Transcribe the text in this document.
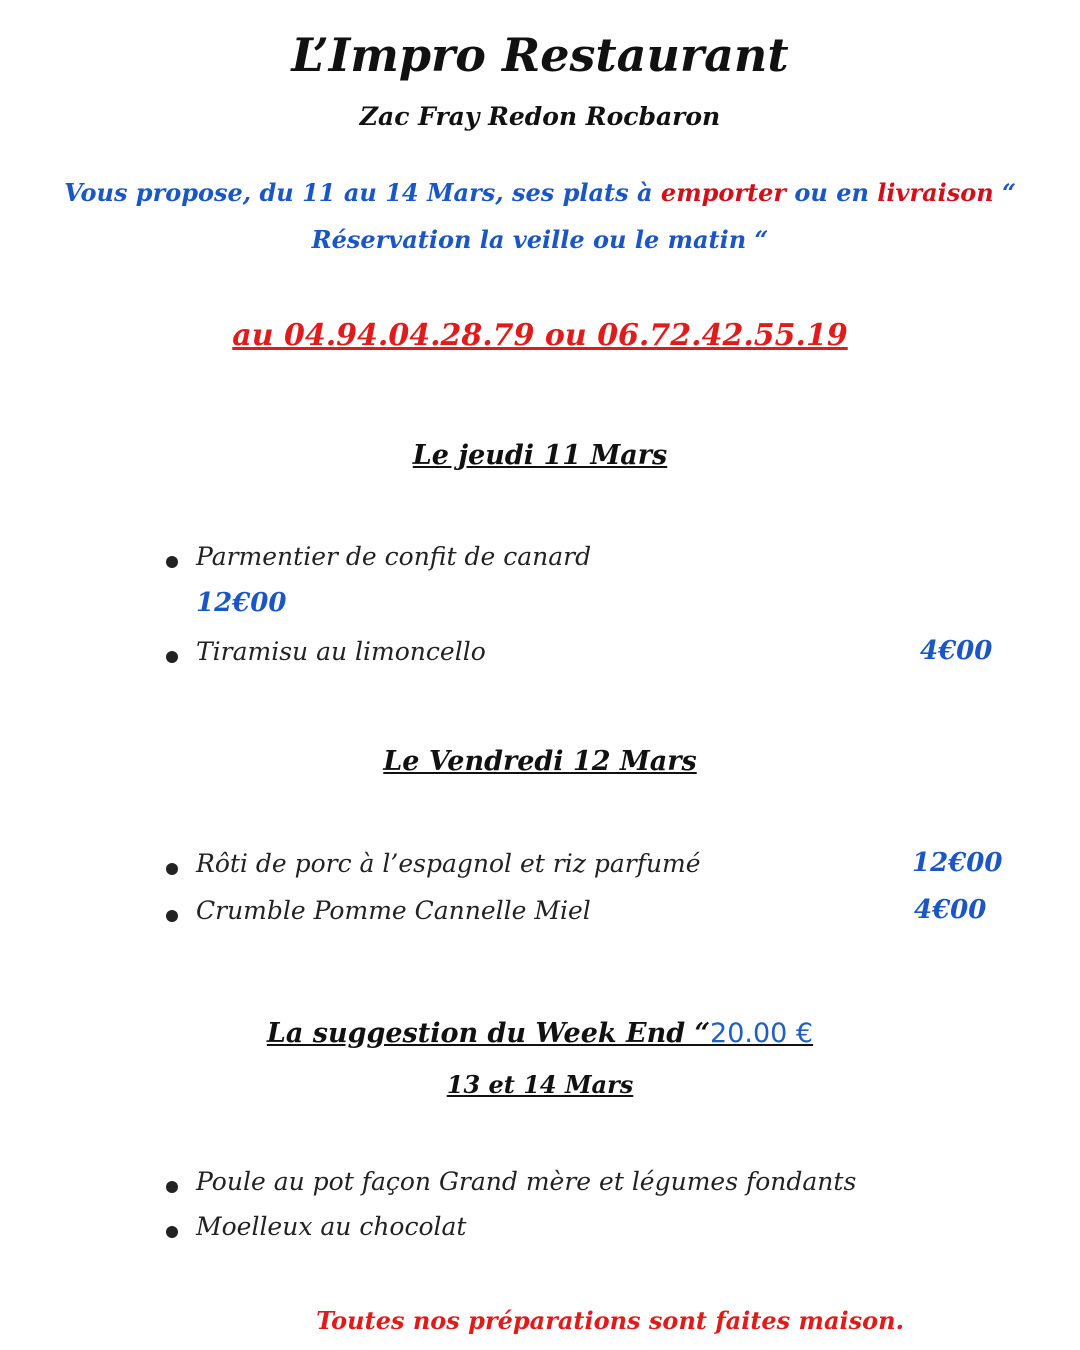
L’Impro Restaurant
Zac Fray Redon Rocbaron
Vous propose, du 11 au 14 Mars, ses plats à emporter ou en livraison “
Réservation la veille ou le matin “
au 04.94.04.28.79 ou 06.72.42.55.19
Le jeudi 11 Mars
Parmentier de confit de canard
12€00
Tiramisu au limoncello	4€00
Le Vendredi 12 Mars
Rôti de porc à l’espagnol et riz parfumé	12€00
Crumble Pomme Cannelle Miel	4€00
La suggestion du Week End “20.00 €
13 et 14 Mars
Poule au pot façon Grand mère et légumes fondants
Moelleux au chocolat
Toutes nos préparations sont faites maison.
